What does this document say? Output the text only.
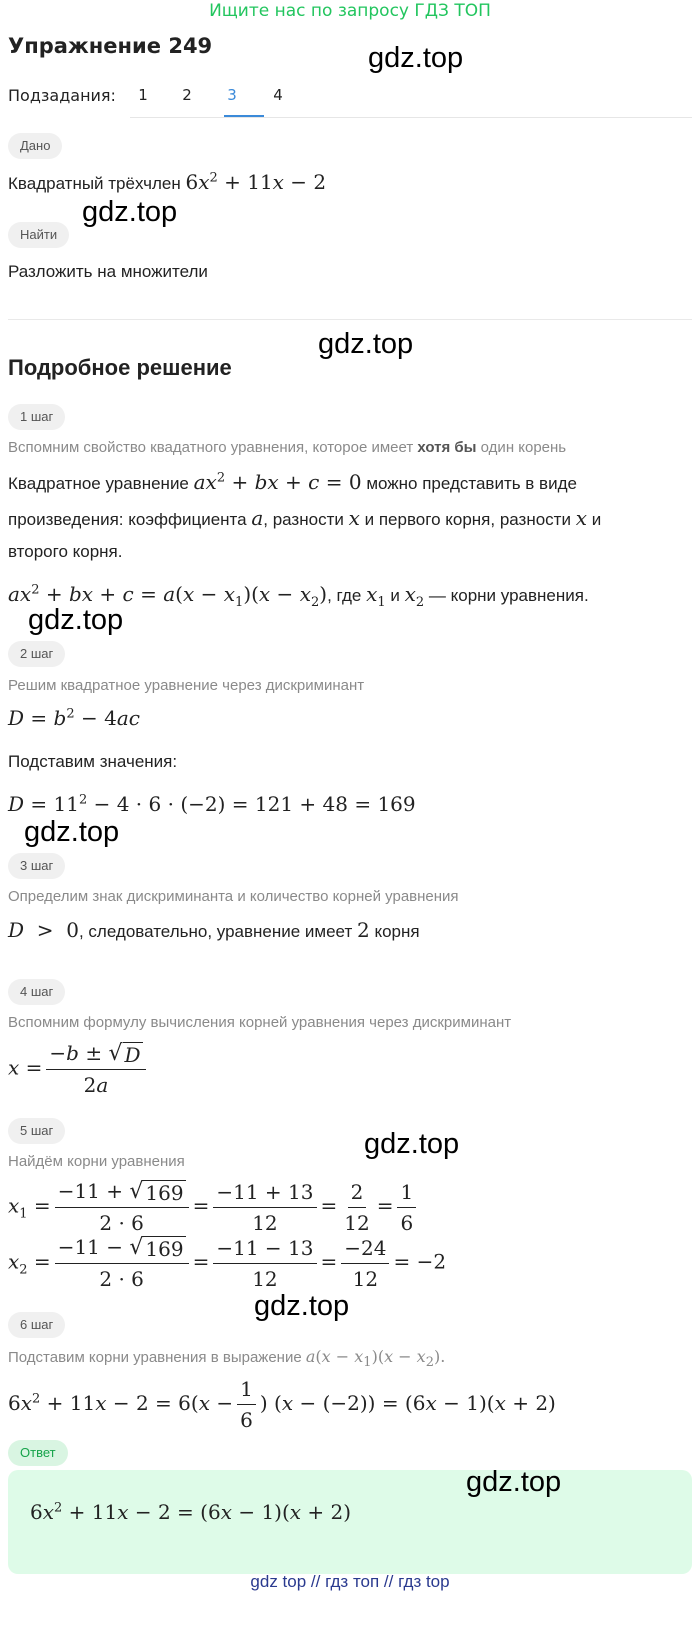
Ищите нас по запросу ГДЗ ТОП
Упражнение 249	gdz.top
Подзадания:	1	2	3	4
Дано
Квадратный трёхчлен $6x^2 + 11x - 2$
gdz.top
Найти
Разложить на множители
gdz.top
Подробное решение
1 шаг
Вспомним свойство квадатного уравнения, которое имеет хотя бы один корень
Квадратное уравнение $ax^2$ + bx + c = 0 можно представить в виде
произведения: коэффициента a, разности x и первого корня, разности x и
второго корня.
$ax^2$ + bx + $c = a(x - x_1)(x - x_2)$, где $x_1$ и $x_2$ — корни уравнения.
gdz.top
2 шаг
Решим квадратное уравнение через дискриминант
$D = b^2 - 4ac$
Подставим значения:
$D = 11^2 - 4 \cdot 6 \cdot (-2) = 121 + 48 = 169$
gdz.top
3 шаг
Определим знак дискриминанта и количество корней уравнения
D  >  0, следовательно, уравнение имеет 2 корня
4 шаг
Вспомним формулу вычисления корней уравнения через дискриминант
$x = \frac{-b \pm √ D}{2a}$
5 шаг	gdz.top
Найдём корни уравнения
$x_1 = \frac{-11 + √ 169}{2 \cdot 6} = \frac{-11 + 13}{12} = \frac{2}{12} = \frac{1}{6}$
$x_2 = \frac{-11 - √ 169}{2 \cdot 6} = \frac{-11 - 13}{12} = \frac{-24}{12} = -2$
gdz.top
6 шаг
Подставим корни уравнения в выражение $a(x - x_1)(x - x_2)$.
$6x^2 + 11x - 2 = 6(x - \frac{1}{6}$ ) (x − (−2)) = (6x − 1)(x + 2)
Ответ
gdz.top
$6x^2 + 11x - 2 = (6x - 1)(x + 2)$
gdz top // гдз топ // гдз top
